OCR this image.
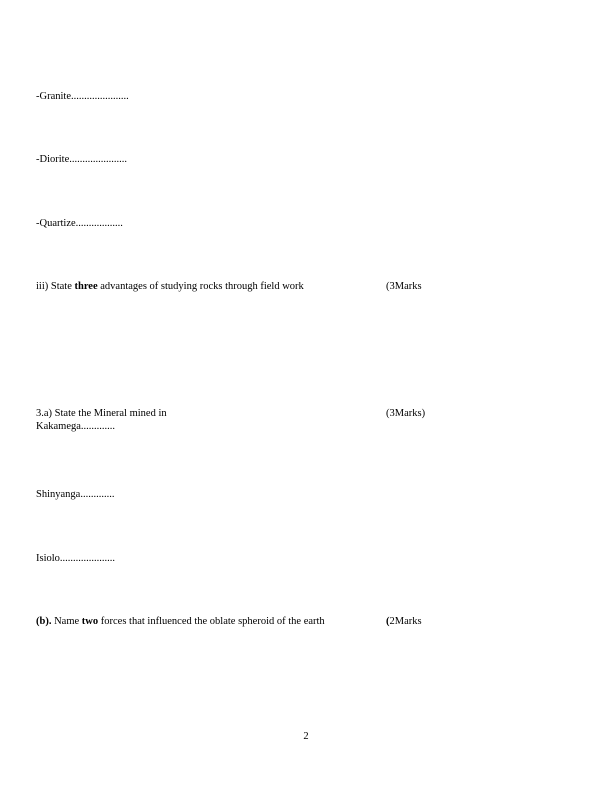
-Granite......................
-Diorite......................
-Quartize..................
iii) State three advantages of studying rocks through field work	(3Marks
3.a) State the Mineral mined in	(3Marks)
Kakamega.............
Shinyanga.............
Isiolo.....................
(b). Name two forces that influenced the oblate spheroid of the earth	(2Marks
2
